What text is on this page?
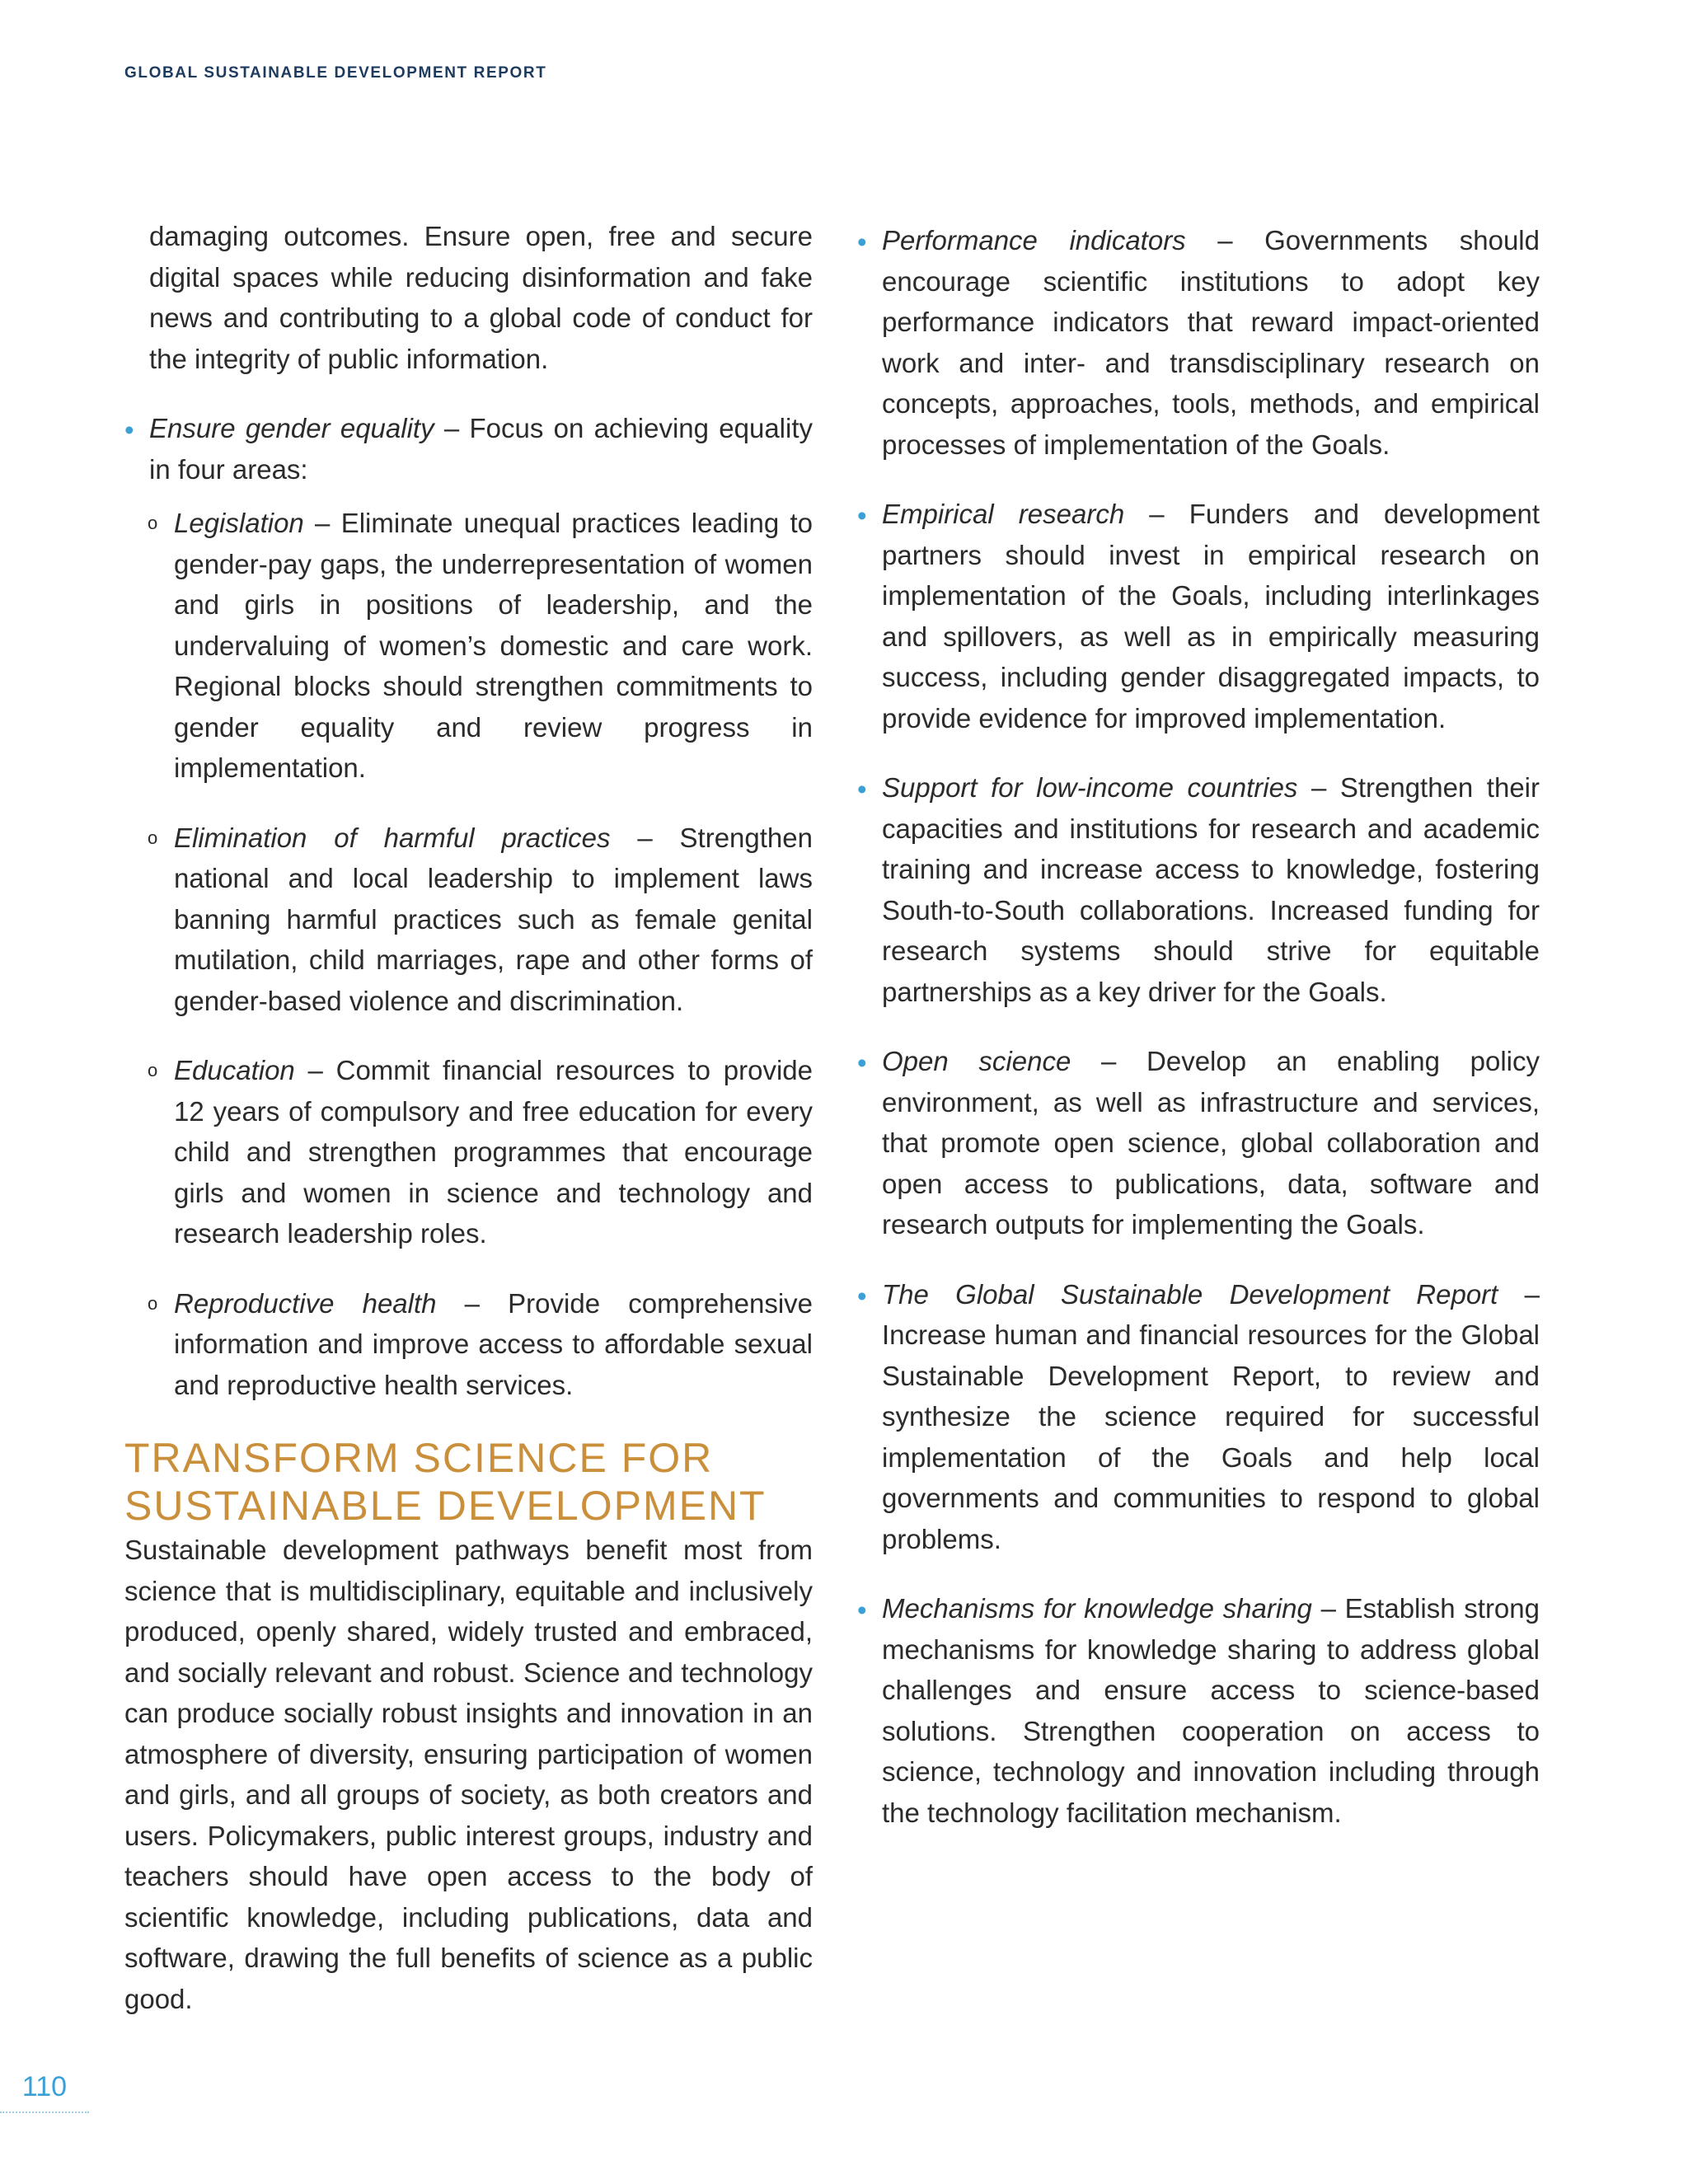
GLOBAL SUSTAINABLE DEVELOPMENT REPORT

damaging outcomes. Ensure open, free and secure digital spaces while reducing disinformation and fake news and contributing to a global code of conduct for the integrity of public information.

• Ensure gender equality – Focus on achieving equality in four areas:
o Legislation – Eliminate unequal practices leading to gender-pay gaps, the underrepresentation of women and girls in positions of leadership, and the undervaluing of women’s domestic and care work. Regional blocks should strengthen commitments to gender equality and review progress in implementation.
o Elimination of harmful practices – Strengthen national and local leadership to implement laws banning harmful practices such as female genital mutilation, child marriages, rape and other forms of gender-based violence and discrimination.
o Education – Commit financial resources to provide 12 years of compulsory and free education for every child and strengthen programmes that encourage girls and women in science and technology and research leadership roles.
o Reproductive health – Provide comprehensive information and improve access to affordable sexual and reproductive health services.
TRANSFORM SCIENCE FOR
SUSTAINABLE DEVELOPMENT

Sustainable development pathways benefit most from science that is multidisciplinary, equitable and inclusively produced, openly shared, widely trusted and embraced, and socially relevant and robust. Science and technology can produce socially robust insights and innovation in an atmosphere of diversity, ensuring participation of women and girls, and all groups of society, as both creators and users. Policymakers, public interest groups, industry and teachers should have open access to the body of scientific knowledge, including publications, data and software, drawing the full benefits of science as a public good.

• Performance indicators – Governments should encourage scientific institutions to adopt key performance indicators that reward impact-oriented work and inter- and transdisciplinary research on concepts, approaches, tools, methods, and empirical processes of implementation of the Goals.
• Empirical research – Funders and development partners should invest in empirical research on implementation of the Goals, including interlinkages and spillovers, as well as in empirically measuring success, including gender disaggregated impacts, to provide evidence for improved implementation.
• Support for low-income countries – Strengthen their capacities and institutions for research and academic training and increase access to knowledge, fostering South-to-South collaborations. Increased funding for research systems should strive for equitable partnerships as a key driver for the Goals.
• Open science – Develop an enabling policy environment, as well as infrastructure and services, that promote open science, global collaboration and open access to publications, data, software and research outputs for implementing the Goals.
• The Global Sustainable Development Report – Increase human and financial resources for the Global Sustainable Development Report, to review and synthesize the science required for successful implementation of the Goals and help local governments and communities to respond to global problems.
• Mechanisms for knowledge sharing – Establish strong mechanisms for knowledge sharing to address global challenges and ensure access to science-based solutions. Strengthen cooperation on access to science, technology and innovation including through the technology facilitation mechanism.
110
